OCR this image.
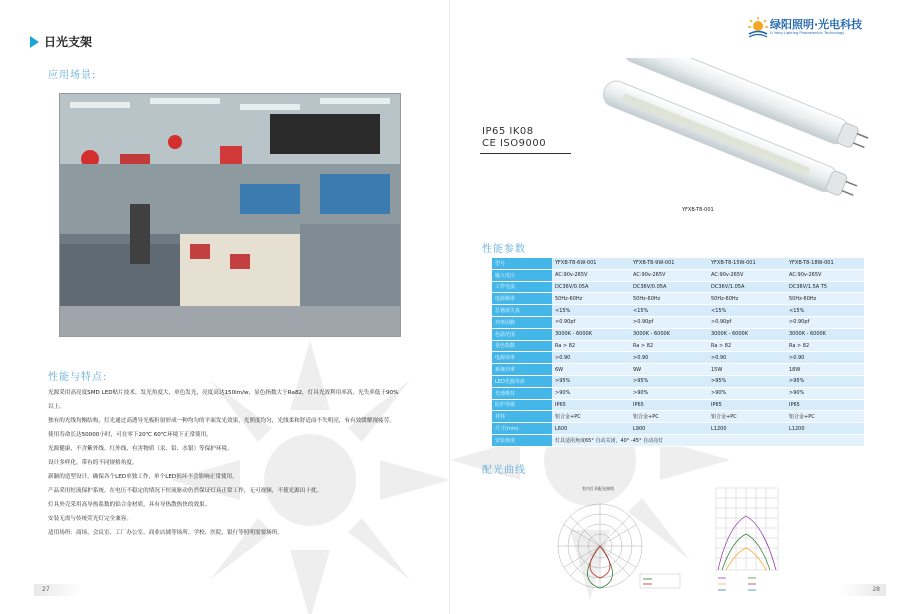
日光支架
应用场景:
性能与特点:
光源采用高亮度SMD LED贴片技术，发光角度大，单色发光，亮度高达150lm/w，显色指数大于Ra82，灯具光效利用率高，光失率低于90%
以上。
独有的光线均衡结构，灯光通过高透导光板折射形成一种均匀的平面发光效果，光照度均匀，光线柔和舒适而不失明亮，有有效缓解视疲劳。
使用寿命长达50000小时，可在零下20℃ 60℃环境下正常使用。
光源健康，不含紫外线、红外线，有害物质（汞、铅、水银）等保护环境。
设计多样化，带有的不同规格角度。
新颖的造型设计，确保各个LED单独工作，单个LED损坏不会影响正常使用。
产品采用恒流保护系统，在电压不稳定的情况下恒流驱动仍然保证灯具正常工作，无可视频，不使光源出十扰。
灯具外壳采用高导热系数的铝合金材质，具有导热散热快的效果。
安装无需与传统荧光灯完全兼容。
适用场所：商场、会议室、工厂办公室、商业店铺等场所、学校、医院、银行等照明需要场所。
27
绿阳照明·光电科技
Li Yang Lighting Photoelectric Technology
IP65 IK08
CE ISO9000
YFXB-T8-001
性能参数
型号	YFXB-T8-6W-001	YFXB-T8-9W-001	YFXB-T8-15W-001	YFXB-T8-18W-001
输入电压	AC:90v-265V	AC:90v-265V	AC:90v-265V	AC:90v-265V
工作电流	DC36V/0.05A	DC36V/0.05A	DC36V/1.05A	DC36V/1.5A T5
电源频率	50Hz-60Hz	50Hz-60Hz	50Hz-60Hz	50Hz-60Hz
总谐波失真	<15%	<15%	<15%	<15%
功率因数	>0.90pf	>0.90pf	>0.90pf	>0.90pf
色温范围	3000K - 6000K	3000K - 6000K	3000K - 6000K	3000K - 6000K
显色指数	Ra > 82	Ra > 82	Ra > 82	Ra > 82
电源效率	>0.90	>0.90	>0.90	>0.90
系统功率	6W	9W	15W	18W
LED光源寿命	>95%	>95%	>95%	>95%
光通维持	>90%	>90%	>90%	>90%
防护等级	IP65	IP65	IP65	IP65
材料	铝合金+PC	铝合金+PC	铝合金+PC	铝合金+PC
尺寸(mm)	L600	L900	L1200	L1200
安装角度	灯具适用角度65° 自动关闭，40° -45° 自动亮灯			
配光曲线
室内灯具配光曲线
28
